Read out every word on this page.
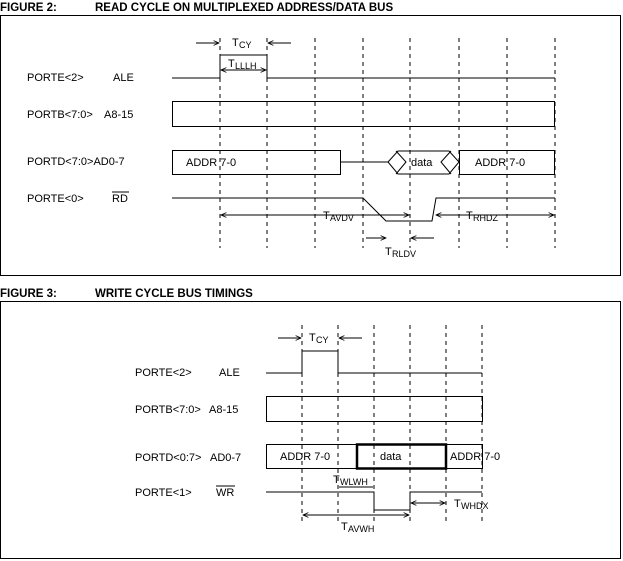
FIGURE 2:	READ CYCLE ON MULTIPLEXED ADDRESS/DATA BUS
PORTE<2>	ALE
PORTB<7:0> A8-15
PORTD<7:0>AD0-7
PORTE<0>	RD
ADDR 7-0	data	ADDR 7-0
T CY
T LLLH
T AVDV	T RHDZ
T RLDV
FIGURE 3:	WRITE CYCLE BUS TIMINGS
PORTE<2> ALE
PORTB<7:0> A8-15
PORTD<0:7> AD0-7
PORTE<1> WR
ADDR 7-0	data	ADDR 7-0
T CY
T WLWH
T AVWH
T WHDX
